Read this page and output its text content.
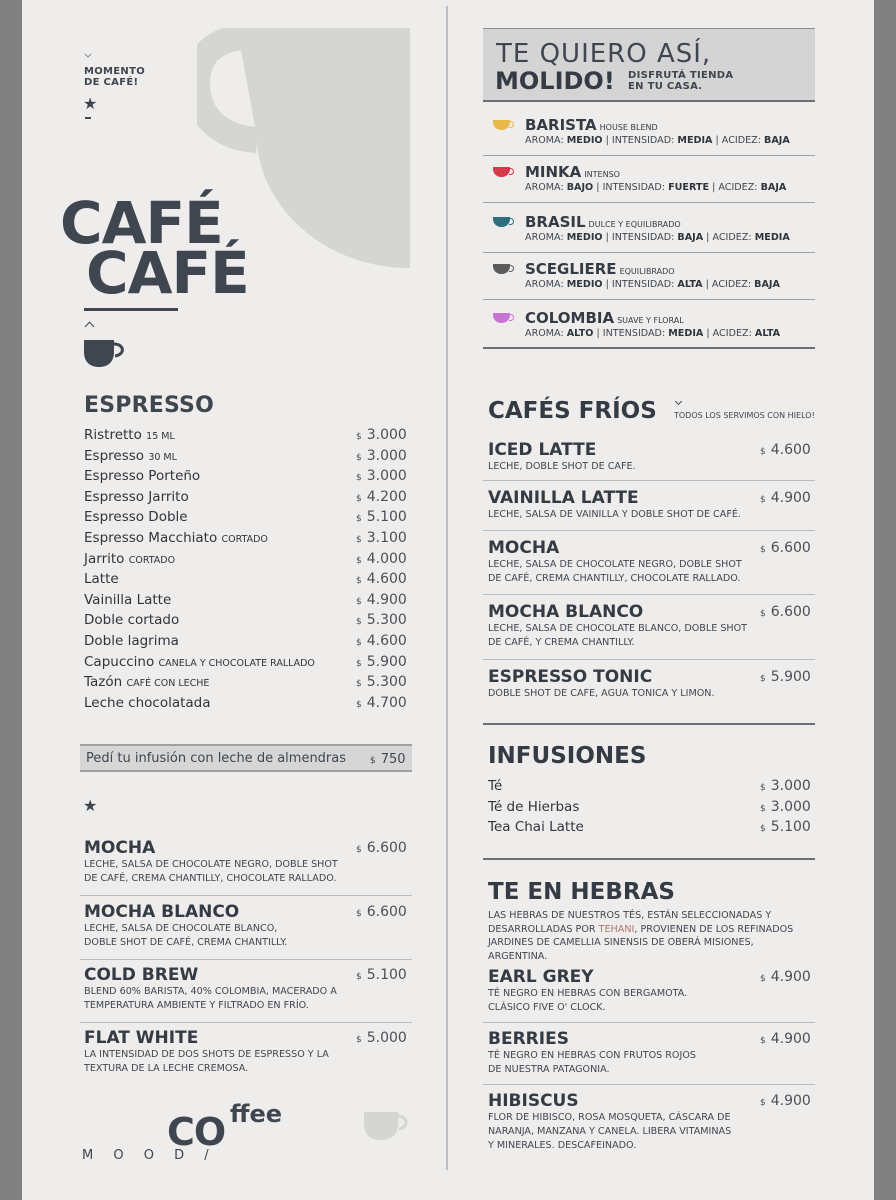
MOMENTO
DE CAFÉ!
★
CAFÉ
CAFÉ
ESPRESSO
Ristretto 15 ML	$ 3.000
Espresso 30 ML	$ 3.000
Espresso Porteño	$ 3.000
Espresso Jarrito	$ 4.200
Espresso Doble	$ 5.100
Espresso Macchiato CORTADO	$ 3.100
Jarrito CORTADO	$ 4.000
Latte	$ 4.600
Vainilla Latte	$ 4.900
Doble cortado	$ 5.300
Doble lagrima	$ 4.600
Capuccino CANELA Y CHOCOLATE RALLADO	$ 5.900
Tazón CAFÉ CON LECHE	$ 5.300
Leche chocolatada	$ 4.700
Pedí tu infusión con leche de almendras	$ 750
★
MOCHA
LECHE, SALSA DE CHOCOLATE NEGRO, DOBLE SHOT
DE CAFÉ, CREMA CHANTILLY, CHOCOLATE RALLADO.
$ 6.600
MOCHA BLANCO
LECHE, SALSA DE CHOCOLATE BLANCO,
DOBLE SHOT DE CAFÉ, CREMA CHANTILLY.
$ 6.600
COLD BREW
BLEND 60% BARISTA, 40% COLOMBIA, MACERADO A
TEMPERATURA AMBIENTE Y FILTRADO EN FRÍO.
$ 5.100
FLAT WHITE
LA INTENSIDAD DE DOS SHOTS DE ESPRESSO Y LA
TEXTURA DE LA LECHE CREMOSA.
$ 5.000
CO ffee
M O O D /
TE QUIERO ASÍ,
MOLIDO! DISFRUTÁ TIENDA
EN TU CASA.
BARISTA HOUSE BLEND
AROMA: MEDIO | INTENSIDAD: MEDIA | ACIDEZ: BAJA
MINKA INTENSO
AROMA: BAJO | INTENSIDAD: FUERTE | ACIDEZ: BAJA
BRASIL DULCE Y EQUILIBRADO
AROMA: MEDIO | INTENSIDAD: BAJA | ACIDEZ: MEDIA
SCEGLIERE EQUILIBRADO
AROMA: MEDIO | INTENSIDAD: ALTA | ACIDEZ: BAJA
COLOMBIA SUAVE Y FLORAL
AROMA: ALTO | INTENSIDAD: MEDIA | ACIDEZ: ALTA
CAFÉS FRÍOS TODOS LOS SERVIMOS CON HIELO!
ICED LATTE
LECHE, DOBLE SHOT DE CAFE.
$ 4.600
VAINILLA LATTE
LECHE, SALSA DE VAINILLA Y DOBLE SHOT DE CAFÉ.
$ 4.900
MOCHA
LECHE, SALSA DE CHOCOLATE NEGRO, DOBLE SHOT
DE CAFÉ, CREMA CHANTILLY, CHOCOLATE RALLADO.
$ 6.600
MOCHA BLANCO
LECHE, SALSA DE CHOCOLATE BLANCO, DOBLE SHOT
DE CAFÉ, Y CREMA CHANTILLY.
$ 6.600
ESPRESSO TONIC
DOBLE SHOT DE CAFE, AGUA TONICA Y LIMON.
$ 5.900
INFUSIONES
Té	$ 3.000
Té de Hierbas	$ 3.000
Tea Chai Latte	$ 5.100
TE EN HEBRAS
LAS HEBRAS DE NUESTROS TÉS, ESTÁN SELECCIONADAS Y
DESARROLLADAS POR TEHANI, PROVIENEN DE LOS REFINADOS
JARDINES DE CAMELLIA SINENSIS DE OBERÁ MISIONES,
ARGENTINA.
EARL GREY
TÉ NEGRO EN HEBRAS CON BERGAMOTA.
CLÁSICO FIVE O' CLOCK.
$ 4.900
BERRIES
TÉ NEGRO EN HEBRAS CON FRUTOS ROJOS
DE NUESTRA PATAGONIA.
$ 4.900
HIBISCUS
FLOR DE HIBISCO, ROSA MOSQUETA, CÁSCARA DE
NARANJA, MANZANA Y CANELA. LIBERA VITAMINAS
Y MINERALES. DESCAFEINADO.
$ 4.900
